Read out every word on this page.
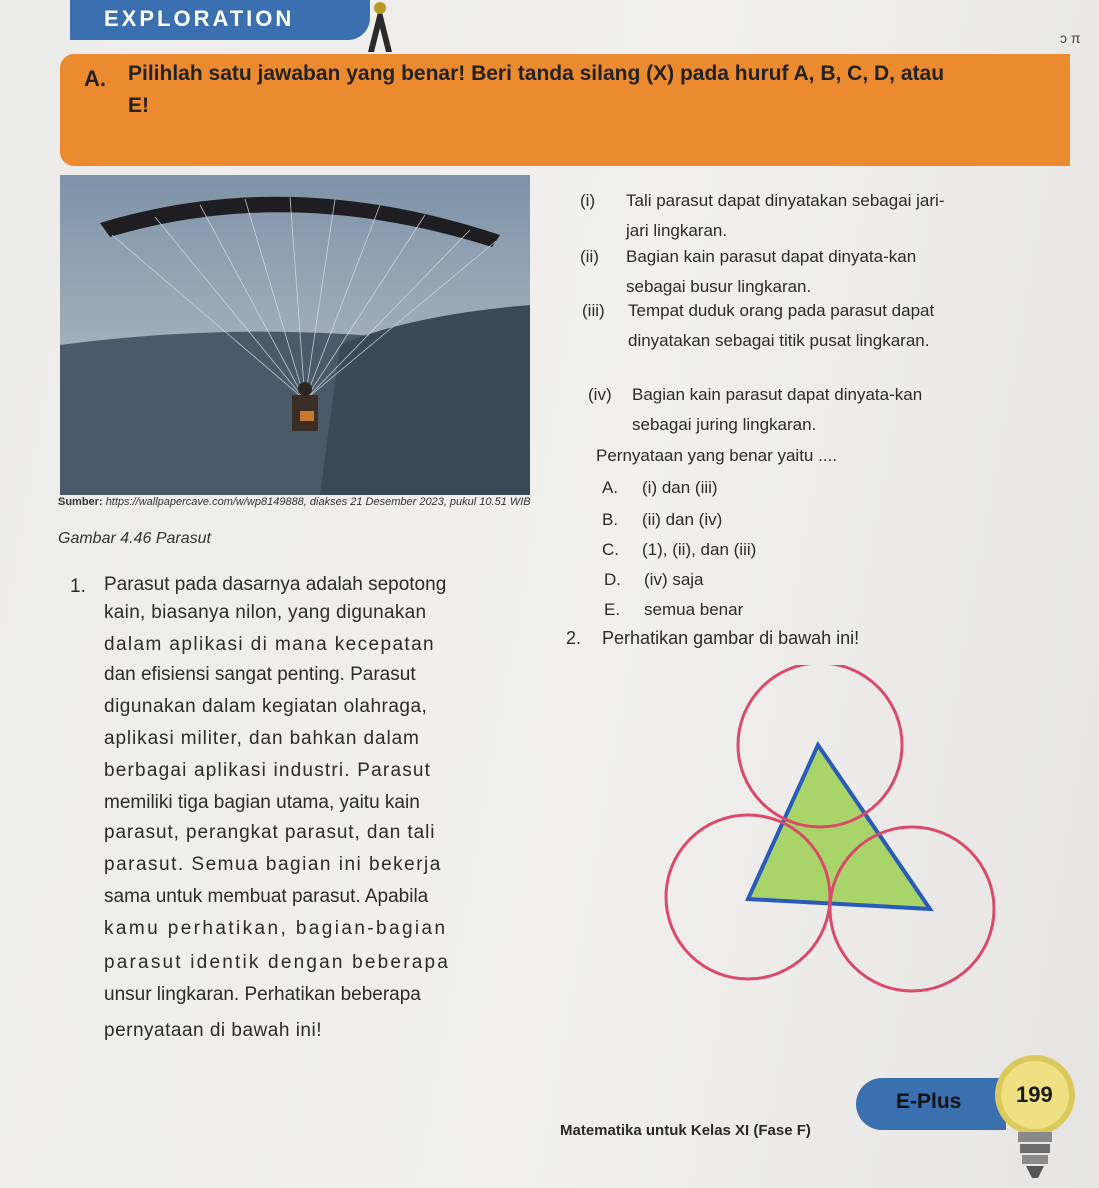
EXPLORATION
ɔ π
A. Pilihlah satu jawaban yang benar! Beri tanda silang (X) pada huruf A, B, C, D, atau E!
Sumber: https://wallpapercave.com/w/wp8149888, diakses 21 Desember 2023, pukul 10.51 WIB
Gambar 4.46 Parasut
(i) Tali parasut dapat dinyatakan sebagai jari-jari lingkaran.
(ii) Bagian kain parasut dapat dinyata-kan sebagai busur lingkaran.
(iii) Tempat duduk orang pada parasut dapat dinyatakan sebagai titik pusat lingkaran.
(iv) Bagian kain parasut dapat dinyata-kan sebagai juring lingkaran.
Pernyataan yang benar yaitu ....
A. (i) dan (iii)
B. (ii) dan (iv)
C. (1), (ii), dan (iii)
D. (iv) saja
E. semua benar
1. Parasut pada dasarnya adalah sepotong
kain, biasanya nilon, yang digunakan
dalam aplikasi di mana kecepatan
dan efisiensi sangat penting. Parasut
digunakan dalam kegiatan olahraga,
aplikasi militer, dan bahkan dalam
berbagai aplikasi industri. Parasut
memiliki tiga bagian utama, yaitu kain
parasut, perangkat parasut, dan tali
parasut. Semua bagian ini bekerja
sama untuk membuat parasut. Apabila
kamu perhatikan, bagian-bagian
parasut identik dengan beberapa
unsur lingkaran. Perhatikan beberapa
pernyataan di bawah ini!
2. Perhatikan gambar di bawah ini!
Matematika untuk Kelas XI (Fase F)
E-Plus 199
